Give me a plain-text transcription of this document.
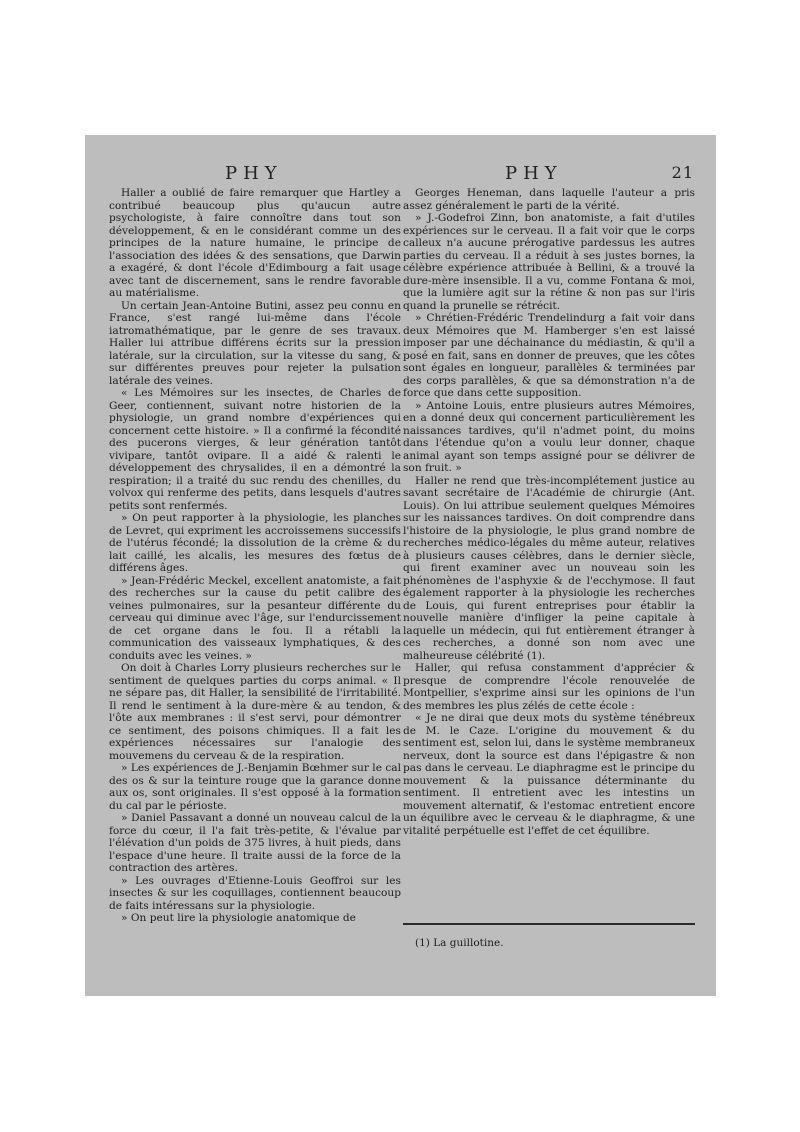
PHY	PHY	21

Haller a oublié de faire remarquer que Hartley a contribué beaucoup plus qu'aucun autre psychologiste, à faire connoître dans tout son développement, & en le considérant comme un des principes de la nature humaine, le principe de l'association des idées & des sensations, que Darwin a exagéré, & dont l'école d'Edimbourg a fait usage avec tant de discernement, sans le rendre favorable au matérialisme.

Un certain Jean-Antoine Butini, assez peu connu en France, s'est rangé lui-même dans l'école iatromathématique, par le genre de ses travaux. Haller lui attribue différens écrits sur la pression latérale, sur la circulation, sur la vitesse du sang, & sur différentes preuves pour rejeter la pulsation latérale des veines.

« Les Mémoires sur les insectes, de Charles de Geer, contiennent, suivant notre historien de la physiologie, un grand nombre d'expériences qui concernent cette histoire. » Il a confirmé la fécondité des pucerons vierges, & leur génération tantôt vivipare, tantôt ovipare. Il a aidé & ralenti le développement des chrysalides, il en a démontré la respiration; il a traité du suc rendu des chenilles, du volvox qui renferme des petits, dans lesquels d'autres petits sont renfermés.

» On peut rapporter à la physiologie, les planches de Levret, qui expriment les accroissemens successifs de l'utérus fécondé; la dissolution de la crème & du lait caillé, les alcalis, les mesures des fœtus de différens âges.

» Jean-Frédéric Meckel, excellent anatomiste, a fait des recherches sur la cause du petit calibre des veines pulmonaires, sur la pesanteur différente du cerveau qui diminue avec l'âge, sur l'endurcissement de cet organe dans le fou. Il a rétabli la communication des vaisseaux lymphatiques, & des conduits avec les veines. »

On doit à Charles Lorry plusieurs recherches sur le sentiment de quelques parties du corps animal. « Il ne sépare pas, dit Haller, la sensibilité de l'irritabilité. Il rend le sentiment à la dure-mère & au tendon, & l'ôte aux membranes : il s'est servi, pour démontrer ce sentiment, des poisons chimiques. Il a fait les expériences nécessaires sur l'analogie des mouvemens du cerveau & de la respiration.

» Les expériences de J.-Benjamin Bœhmer sur le cal des os & sur la teinture rouge que la garance donne aux os, sont originales. Il s'est opposé à la formation du cal par le périoste.

» Daniel Passavant a donné un nouveau calcul de la force du cœur, il l'a fait très-petite, & l'évalue par l'élévation d'un poids de 375 livres, à huit pieds, dans l'espace d'une heure. Il traite aussi de la force de la contraction des artères.

» Les ouvrages d'Etienne-Louis Geoffroi sur les insectes & sur les coquillages, contiennent beaucoup de faits intéressans sur la physiologie.

» On peut lire la physiologie anatomique de

Georges Heneman, dans laquelle l'auteur a pris assez généralement le parti de la vérité.

» J.-Godefroi Zinn, bon anatomiste, a fait d'utiles expériences sur le cerveau. Il a fait voir que le corps calleux n'a aucune prérogative pardessus les autres parties du cerveau. Il a réduit à ses justes bornes, la célèbre expérience attribuée à Bellini, & a trouvé la dure-mère insensible. Il a vu, comme Fontana & moi, que la lumière agit sur la rétine & non pas sur l'iris quand la prunelle se rétrécit.

» Chrétien-Frédéric Trendelindurg a fait voir dans deux Mémoires que M. Hamberger s'en est laissé imposer par une déchainance du médiastin, & qu'il a posé en fait, sans en donner de preuves, que les côtes sont égales en longueur, parallèles & terminées par des corps parallèles, & que sa démonstration n'a de force que dans cette supposition.

» Antoine Louis, entre plusieurs autres Mémoires, en a donné deux qui concernent particulièrement les naissances tardives, qu'il n'admet point, du moins dans l'étendue qu'on a voulu leur donner, chaque animal ayant son temps assigné pour se délivrer de son fruit. »

Haller ne rend que très-incomplétement justice au savant secrétaire de l'Académie de chirurgie (Ant. Louis). On lui attribue seulement quelques Mémoires sur les naissances tardives. On doit comprendre dans l'histoire de la physiologie, le plus grand nombre de recherches médico-légales du même auteur, relatives à plusieurs causes célèbres, dans le dernier siècle, qui firent examiner avec un nouveau soin les phénomènes de l'asphyxie & de l'ecchymose. Il faut également rapporter à la physiologie les recherches de Louis, qui furent entreprises pour établir la nouvelle manière d'infliger la peine capitale à laquelle un médecin, qui fut entièrement étranger à ces recherches, a donné son nom avec une malheureuse célébrité (1).

Haller, qui refusa constamment d'apprécier & presque de comprendre l'école renouvelée de Montpellier, s'exprime ainsi sur les opinions de l'un des membres les plus zélés de cette école :

« Je ne dirai que deux mots du système ténébreux de M. le Caze. L'origine du mouvement & du sentiment est, selon lui, dans le système membraneux nerveux, dont la source est dans l'épigastre & non pas dans le cerveau. Le diaphragme est le principe du mouvement & la puissance déterminante du sentiment. Il entretient avec les intestins un mouvement alternatif, & l'estomac entretient encore un équilibre avec le cerveau & le diaphragme, & une vitalité perpétuelle est l'effet de cet équilibre.

(1) La guillotine.
